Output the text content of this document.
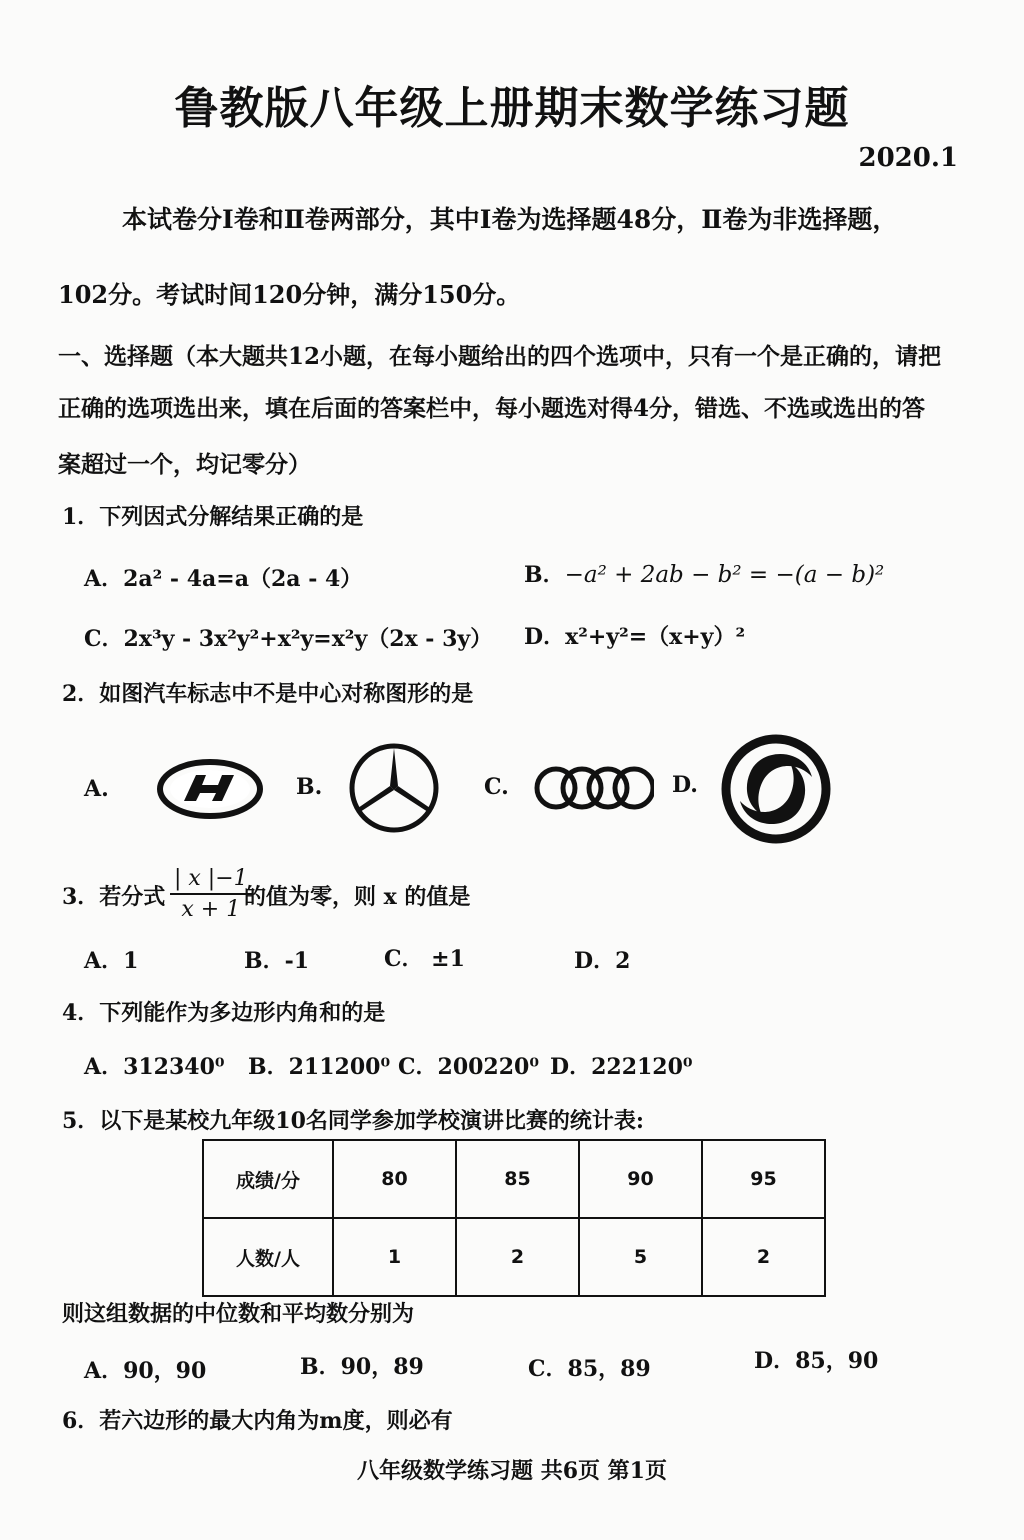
鲁教版八年级上册期末数学练习题
2020.1
本试卷分Ⅰ卷和Ⅱ卷两部分，其中Ⅰ卷为选择题48分，Ⅱ卷为非选择题，
102分。考试时间120分钟，满分150分。
一、选择题（本大题共12小题，在每小题给出的四个选项中，只有一个是正确的，请把
正确的选项选出来，填在后面的答案栏中，每小题选对得4分，错选、不选或选出的答
案超过一个，均记零分）
1．下列因式分解结果正确的是
A．2a² - 4a=a（2a - 4）	B．−a² + 2ab − b² = −(a − b)²
C．2x³y - 3x²y²+x²y=x²y（2x - 3y） D．x²+y²=（x+y）²
2．如图汽车标志中不是中心对称图形的是
A.	B.	C.	D.
3．若分式 $\frac{| x |-1}{x + 1}$
的值为零，则 x 的值是
A．1	B．-1	C． ±1	D．2
4．下列能作为多边形内角和的是
A．312340⁰ B．211200⁰ C．200220⁰ D．222120⁰
5．以下是某校九年级10名同学参加学校演讲比赛的统计表:
成绩/分	80	85	90	95
人数/人	1	2	5	2
则这组数据的中位数和平均数分别为
A．90，90	B．90，89	C．85，89	D．85，90
6．若六边形的最大内角为m度，则必有
八年级数学练习题 共6页 第1页
